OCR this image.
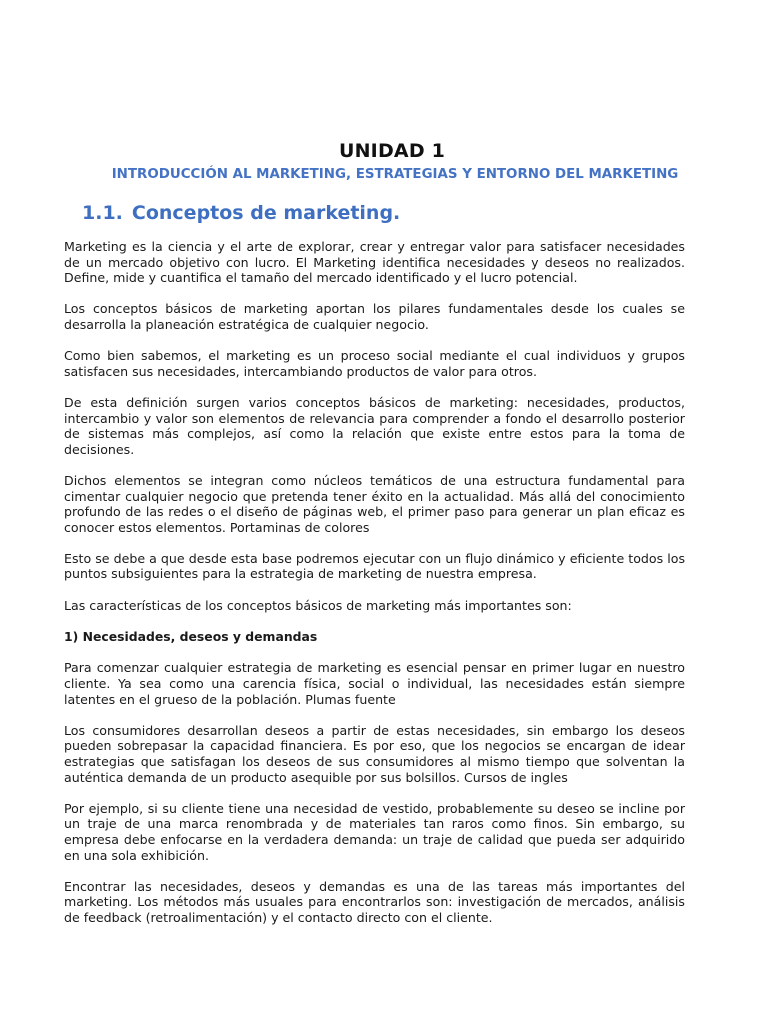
UNIDAD 1
INTRODUCCIÓN AL MARKETING, ESTRATEGIAS Y ENTORNO DEL MARKETING
1.1. Conceptos de marketing.

Marketing es la ciencia y el arte de explorar, crear y entregar valor para satisfacer necesidades de un mercado objetivo con lucro. El Marketing identifica necesidades y deseos no realizados. Define, mide y cuantifica el tamaño del mercado identificado y el lucro potencial.

Los conceptos básicos de marketing aportan los pilares fundamentales desde los cuales se desarrolla la planeación estratégica de cualquier negocio.

Como bien sabemos, el marketing es un proceso social mediante el cual individuos y grupos satisfacen sus necesidades, intercambiando productos de valor para otros.

De esta definición surgen varios conceptos básicos de marketing: necesidades, productos, intercambio y valor son elementos de relevancia para comprender a fondo el desarrollo posterior de sistemas más complejos, así como la relación que existe entre estos para la toma de decisiones.

Dichos elementos se integran como núcleos temáticos de una estructura fundamental para cimentar cualquier negocio que pretenda tener éxito en la actualidad. Más allá del conocimiento profundo de las redes o el diseño de páginas web, el primer paso para generar un plan eficaz es conocer estos elementos. Portaminas de colores

Esto se debe a que desde esta base podremos ejecutar con un flujo dinámico y eficiente todos los puntos subsiguientes para la estrategia de marketing de nuestra empresa.

Las características de los conceptos básicos de marketing más importantes son:

1) Necesidades, deseos y demandas

Para comenzar cualquier estrategia de marketing es esencial pensar en primer lugar en nuestro cliente. Ya sea como una carencia física, social o individual, las necesidades están siempre latentes en el grueso de la población. Plumas fuente

Los consumidores desarrollan deseos a partir de estas necesidades, sin embargo los deseos pueden sobrepasar la capacidad financiera. Es por eso, que los negocios se encargan de idear estrategias que satisfagan los deseos de sus consumidores al mismo tiempo que solventan la auténtica demanda de un producto asequible por sus bolsillos. Cursos de ingles

Por ejemplo, si su cliente tiene una necesidad de vestido, probablemente su deseo se incline por un traje de una marca renombrada y de materiales tan raros como finos. Sin embargo, su empresa debe enfocarse en la verdadera demanda: un traje de calidad que pueda ser adquirido en una sola exhibición.

Encontrar las necesidades, deseos y demandas es una de las tareas más importantes del marketing. Los métodos más usuales para encontrarlos son: investigación de mercados, análisis de feedback (retroalimentación) y el contacto directo con el cliente.
